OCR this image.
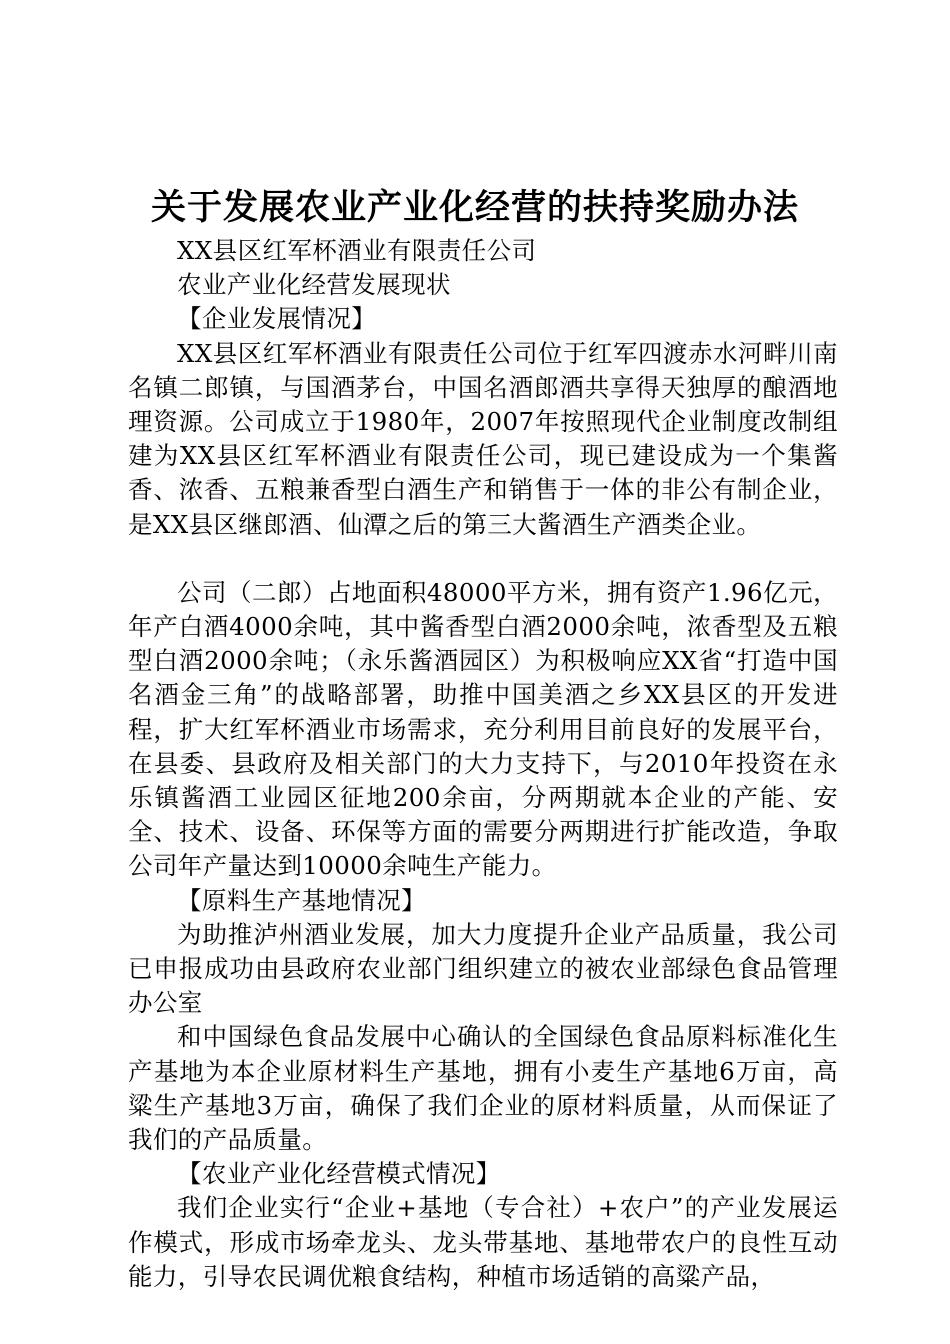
关于发展农业产业化经营的扶持奖励办法

XX县区红军杯酒业有限责任公司

农业产业化经营发展现状

【企业发展情况】

XX县区红军杯酒业有限责任公司位于红军四渡赤水河畔川南名镇二郎镇，与国酒茅台，中国名酒郎酒共享得天独厚的酿酒地理资源。公司成立于1980年，2007年按照现代企业制度改制组建为XX县区红军杯酒业有限责任公司，现已建设成为一个集酱香、浓香、五粮兼香型白酒生产和销售于一体的非公有制企业，是XX县区继郎酒、仙潭之后的第三大酱酒生产酒类企业。

公司（二郎）占地面积48000平方米，拥有资产1.96亿元，年产白酒4000余吨，其中酱香型白酒2000余吨，浓香型及五粮型白酒2000余吨；（永乐酱酒园区）为积极响应XX省“打造中国名酒金三角”的战略部署，助推中国美酒之乡XX县区的开发进程，扩大红军杯酒业市场需求，充分利用目前良好的发展平台，在县委、县政府及相关部门的大力支持下，与2010年投资在永乐镇酱酒工业园区征地200余亩，分两期就本企业的产能、安全、技术、设备、环保等方面的需要分两期进行扩能改造，争取公司年产量达到10000余吨生产能力。

【原料生产基地情况】

为助推泸州酒业发展，加大力度提升企业产品质量，我公司已申报成功由县政府农业部门组织建立的被农业部绿色食品管理办公室

和中国绿色食品发展中心确认的全国绿色食品原料标准化生产基地为本企业原材料生产基地，拥有小麦生产基地6万亩，高粱生产基地3万亩，确保了我们企业的原材料质量，从而保证了我们的产品质量。

【农业产业化经营模式情况】

我们企业实行“企业+基地（专合社）+农户”的产业发展运作模式，形成市场牵龙头、龙头带基地、基地带农户的良性互动能力，引导农民调优粮食结构，种植市场适销的高粱产品，
